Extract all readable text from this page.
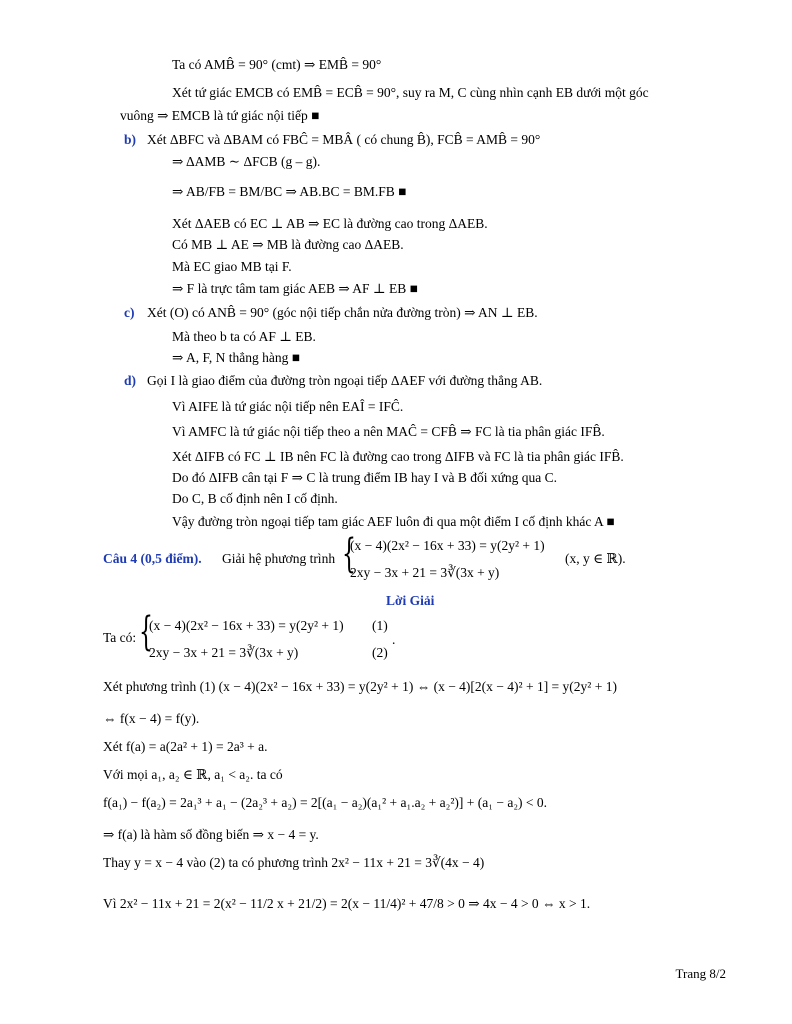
Ta có AMB̂ = 90° (cmt) ⇒ EMB̂ = 90°
Xét tứ giác EMCB có EMB̂ = ECB̂ = 90°, suy ra M, C cùng nhìn cạnh EB dưới một góc
vuông ⇒ EMCB là tứ giác nội tiếp ■
b) Xét ΔBFC và ΔBAM có FBĈ = MBÂ ( có chung B̂), FCB̂ = AMB̂ = 90°
⇒ ΔAMB ∼ ΔFCB (g – g).
⇒ AB/FB = BM/BC ⇒ AB.BC = BM.FB ■
Xét ΔAEB có EC ⊥ AB ⇒ EC là đường cao trong ΔAEB.
Có MB ⊥ AE ⇒ MB là đường cao ΔAEB.
Mà EC giao MB tại F.
⇒ F là trực tâm tam giác AEB ⇒ AF ⊥ EB ■
c) Xét (O) có ANB̂ = 90° (góc nội tiếp chắn nửa đường tròn) ⇒ AN ⊥ EB.
Mà theo b ta có AF ⊥ EB.
⇒ A, F, N thẳng hàng ■
d) Gọi I là giao điểm của đường tròn ngoại tiếp ΔAEF với đường thẳng AB.
Vì AIFE là tứ giác nội tiếp nên EAÎ = IFĈ.
Vì AMFC là tứ giác nội tiếp theo a nên MAĈ = CFB̂ ⇒ FC là tia phân giác IFB̂.
Xét ΔIFB có FC ⊥ IB nên FC là đường cao trong ΔIFB và FC là tia phân giác IFB̂.
Do đó ΔIFB cân tại F ⇒ C là trung điểm IB hay I và B đối xứng qua C.
Do C, B cố định nên I cố định.
Vậy đường tròn ngoại tiếp tam giác AEF luôn đi qua một điểm I cố định khác A ■
Câu 4 (0,5 điểm). Giải hệ phương trình {
(x − 4)(2x² − 16x + 33) = y(2y² + 1)
2xy − 3x + 21 = 3∛(3x + y)
(x, y ∈ ℝ).
Lời Giải
Ta có: {
(x − 4)(2x² − 16x + 33) = y(2y² + 1) (1)
2xy − 3x + 21 = 3∛(3x + y)	(2)
.
Xét phương trình (1) (x − 4)(2x² − 16x + 33) = y(2y² + 1) ⇔ (x − 4)[2(x − 4)² + 1] = y(2y² + 1)
⇔ f(x − 4) = f(y).
Xét f(a) = a(2a² + 1) = 2a³ + a.
Với mọi a₁, a₂ ∈ ℝ, a₁ < a₂. ta có
f(a₁) − f(a₂) = 2a₁³ + a₁ − (2a₂³ + a₂) = 2[(a₁ − a₂)(a₁² + a₁.a₂ + a₂²)] + (a₁ − a₂) < 0.
⇒ f(a) là hàm số đồng biến ⇒ x − 4 = y.
Thay y = x − 4 vào (2) ta có phương trình 2x² − 11x + 21 = 3∛(4x − 4)
Vì 2x² − 11x + 21 = 2(x² − 11/2 x + 21/2) = 2(x − 11/4)² + 47/8 > 0 ⇒ 4x − 4 > 0 ⇔ x > 1.
Trang 8/2
